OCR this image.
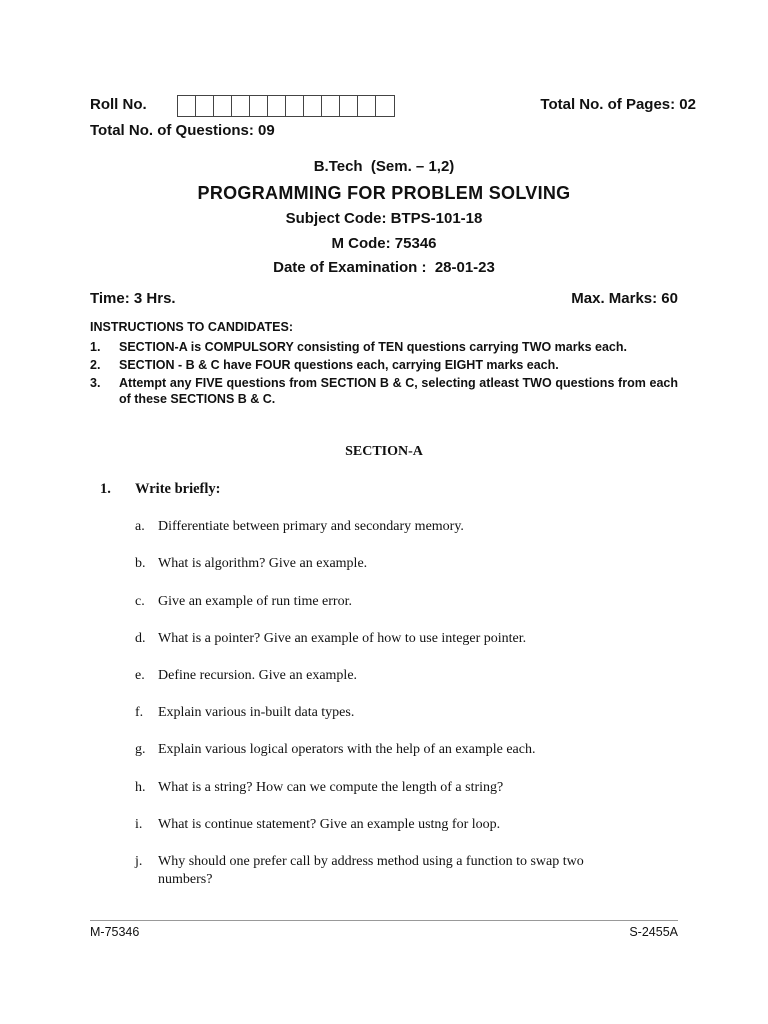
Roll No.	Total No. of Pages: 02
Total No. of Questions: 09
B.Tech  (Sem. – 1,2)
PROGRAMMING FOR PROBLEM SOLVING
Subject Code: BTPS-101-18
M Code: 75346
Date of Examination :  28-01-23
Time: 3 Hrs.	Max. Marks: 60
INSTRUCTIONS TO CANDIDATES:
1. SECTION-A is COMPULSORY consisting of TEN questions carrying TWO marks each.
2. SECTION - B & C have FOUR questions each, carrying EIGHT marks each.
3. Attempt any FIVE questions from SECTION B & C, selecting atleast TWO questions from each of these SECTIONS B & C.
SECTION-A
1. Write briefly:
a. Differentiate between primary and secondary memory.
b. What is algorithm? Give an example.
c. Give an example of run time error.
d. What is a pointer? Give an example of how to use integer pointer.
e. Define recursion. Give an example.
f. Explain various in-built data types.
g. Explain various logical operators with the help of an example each.
h. What is a string? How can we compute the length of a string?
i. What is continue statement? Give an example ustng for loop.
j. Why should one prefer call by address method using a function to swap two numbers?
M-75346	S-2455A
